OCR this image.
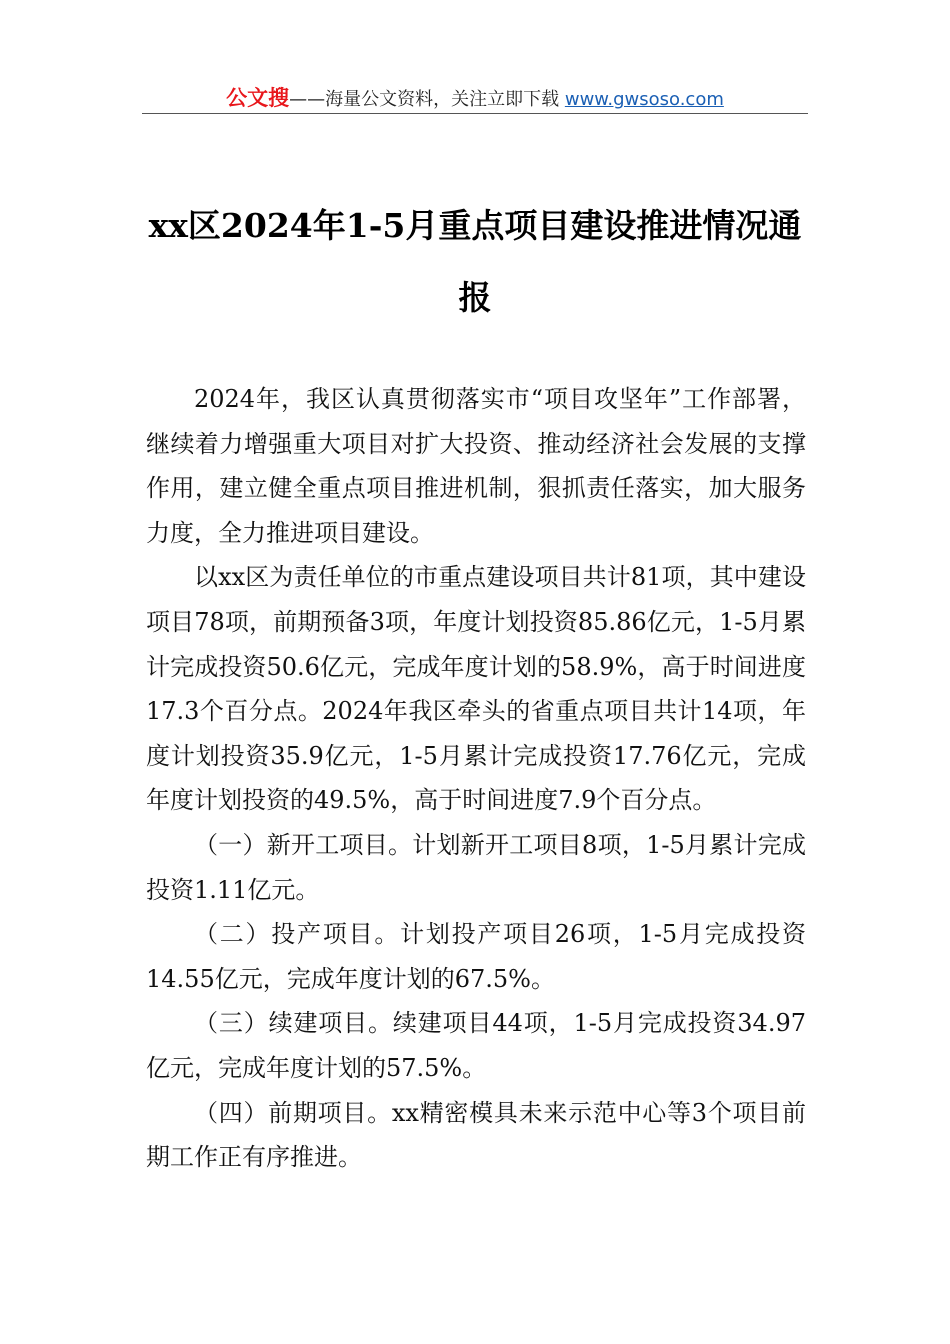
公文搜——海量公文资料，关注立即下载 www.gwsoso.com
xx区2024年1-5月重点项目建设推进情况通报

2024年，我区认真贯彻落实市“项目攻坚年”工作部署，继续着力增强重大项目对扩大投资、推动经济社会发展的支撑作用，建立健全重点项目推进机制，狠抓责任落实，加大服务力度，全力推进项目建设。

以xx区为责任单位的市重点建设项目共计81项，其中建设项目78项，前期预备3项，年度计划投资85.86亿元，1-5月累计完成投资50.6亿元，完成年度计划的58.9%，高于时间进度17.3个百分点。2024年我区牵头的省重点项目共计14项，年度计划投资35.9亿元，1-5月累计完成投资17.76亿元，完成年度计划投资的49.5%，高于时间进度7.9个百分点。

（一）新开工项目。计划新开工项目8项，1-5月累计完成投资1.11亿元。

（二）投产项目。计划投产项目26项，1-5月完成投资14.55亿元，完成年度计划的67.5%。

（三）续建项目。续建项目44项，1-5月完成投资34.97亿元，完成年度计划的57.5%。

（四）前期项目。xx精密模具未来示范中心等3个项目前期工作正有序推进。
